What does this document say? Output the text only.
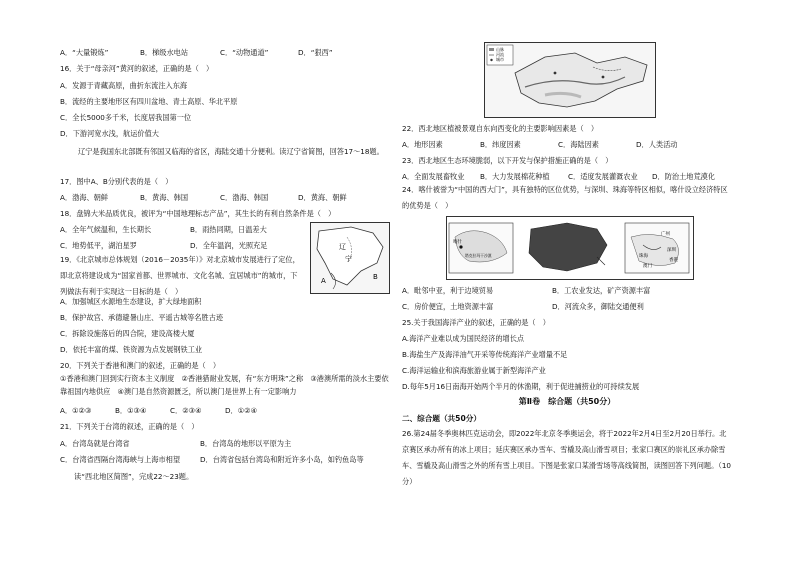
A．“大量锻炼”	B．梯级水电站	C．“动物通道”	D．“狠西”
16．关于“母亲河”黄河的叙述，正确的是（　）
A．发源于青藏高原，曲折东流注入东海
B．流经的主要地形区有四川盆地、青土高原、华北平原
C．全长5000多千米，长度居我国第一位
D．下游河宽水浅，航运价值大
辽宁是我国东北部既有邻国又临海的省区，海陆交通十分便利。读辽宁省简图，回答17～18题。
17．图中A、B分别代表的是（　）
A．渤海、朝鲜	B．黄海、韩国	C．渤海、韩国	D．黄海、朝鲜
18．盘锦大米品质优良，被评为“中国地理标志产品”，其生长的有利自然条件是（　）
A．全年气候温和，生长期长	B．雨热同期，日温差大
C．地势低平，湖泊星罗	D．全年温润，光照充足
19．《北京城市总体规划（2016－2035年）》对北京城市发展进行了定位，即北京将建设成为“国家首都、世界城市、文化名城、宜居城市”的城市，下列做法有利于实现这一目标的是（　）
A．加强城区水源地生态建设，扩大绿地面积
B．保护故宫、承德避暑山庄、平遥古城等名胜古迹
C．拆除设施落后的四合院，建设高楼大厦
D．依托丰富的煤、铁资源为点发展钢铁工业
辽
宁
A	B
20．下列关于香港和澳门的叙述，正确的是（　）
①香港和澳门回到实行资本主义制度　②香港猎耐业发展，有“东方明珠”之称　③港澳所需的淡水主要依靠祖国内地供应　④澳门是自然资源匮乏，所以澳门是世界上有一定影响力
A．①②③	B．①③④	C．②③④	D．①②④
21．下列关于台湾的叙述，正确的是（　）
A．台湾岛就是台湾省	B．台湾岛的地形以平原为主
C．台湾省西隔台湾海峡与上海市相望	D．台湾省包括台湾岛和附近许多小岛，如钓鱼岛等
读“西北地区简图”，完成22～23题。
山脉
河流
城市
22．西北地区植被景观自东向西变化的主要影响因素是（　）
A．地形因素	B．纬度因素	C．海陆因素	D．人类活动
23．西北地区生态环境脆弱，以下开发与保护措施正确的是（　）
A．全面发展畜牧业 B．大力发展棉花种植	C．适度发展灌溉农业 D．防治土地荒漠化
24．喀什被誉为“中国的西大门”，具有独特的区位优势，与深圳、珠海等特区相似，喀什设立经济特区的优势是（　）
喀什
塔克拉玛干沙漠
广州
深圳
香港
珠海
澳门
A．毗邻中亚，利于边境贸易	B．工农业发达，矿产资源丰富
C．房价便宜，土地资源丰富	D．河流众多，御陆交通便利
25.关于我国海洋产业的叙述，正确的是（　）
A.海洋产业难以成为国民经济的增长点
B.海盐生产及海洋油气开采等传统海洋产业增量不足
C.海洋运输业和滨海旅游业属于新型海洋产业
D.每年5月16日南海开始两个半月的休渔期，利于促进捕捞业的可持续发展
第Ⅱ卷　综合题（共50分）
二、综合题（共50分）
26.第24届冬季奥林匹克运动会，即2022年北京冬季奥运会，将于2022年2月4日至2月20日举行。北京赛区承办所有的冰上项目；延庆赛区承办雪车、雪橇及高山滑雪项目；张家口赛区的崇礼区承办除雪车、雪橇及高山滑雪之外的所有雪上项目。下图是张家口某滑雪场等高线简图，读图回答下列问题。（10分）
